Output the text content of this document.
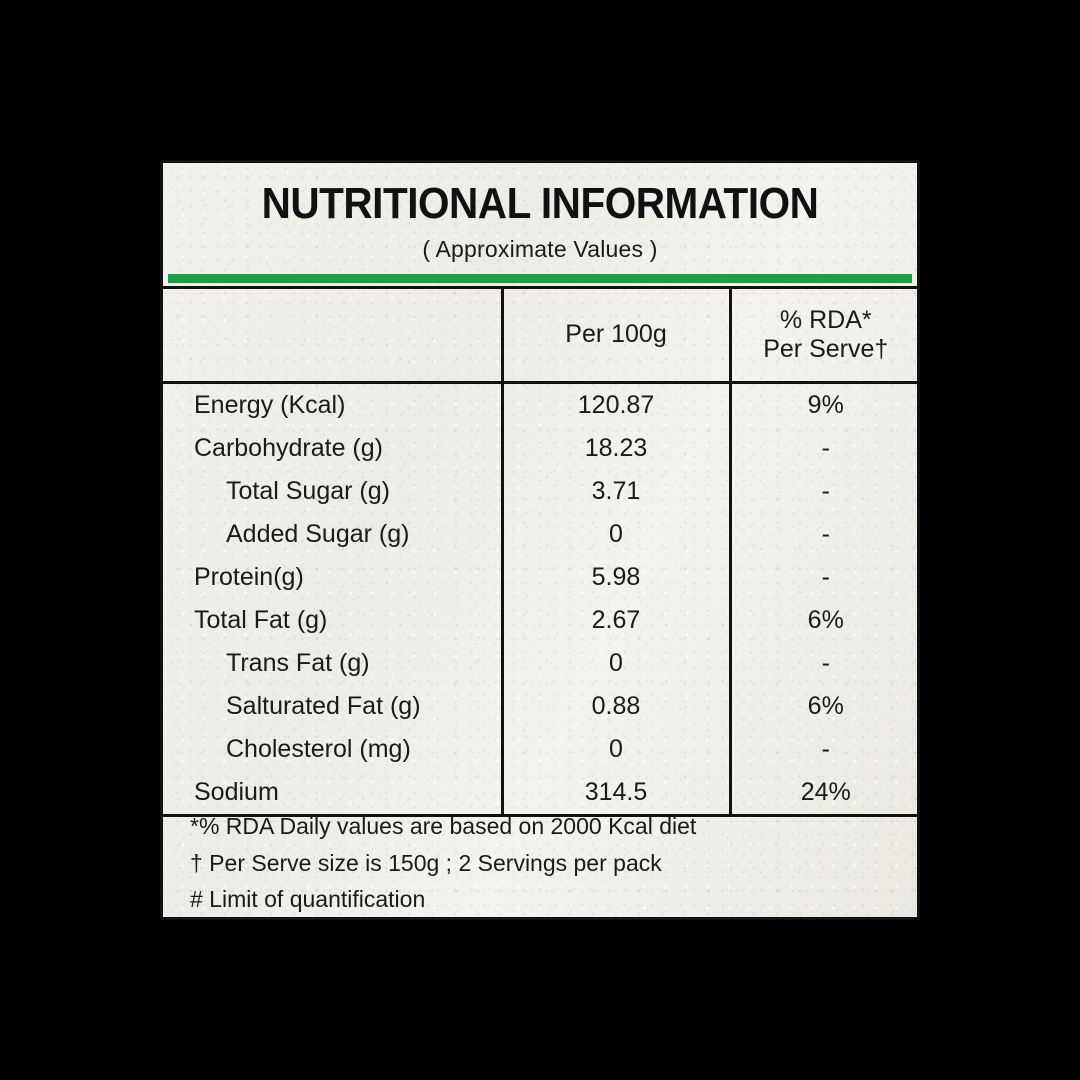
NUTRITIONAL INFORMATION
( Approximate Values )
	Per 100g	% RDA*
Per Serve†

Energy (Kcal)	120.87	9%
Carbohydrate (g)	18.23	-
Total Sugar (g)	3.71	-
Added Sugar (g)	0	-
Protein(g)	5.98	-
Total Fat (g)	2.67	6%
Trans Fat (g)	0	-
Salturated Fat (g)	0.88	6%
Cholesterol (mg)	0	-
Sodium	314.5	24%

*% RDA Daily values are based on 2000 Kcal diet

† Per Serve size is 150g ; 2 Servings per pack

# Limit of quantification
